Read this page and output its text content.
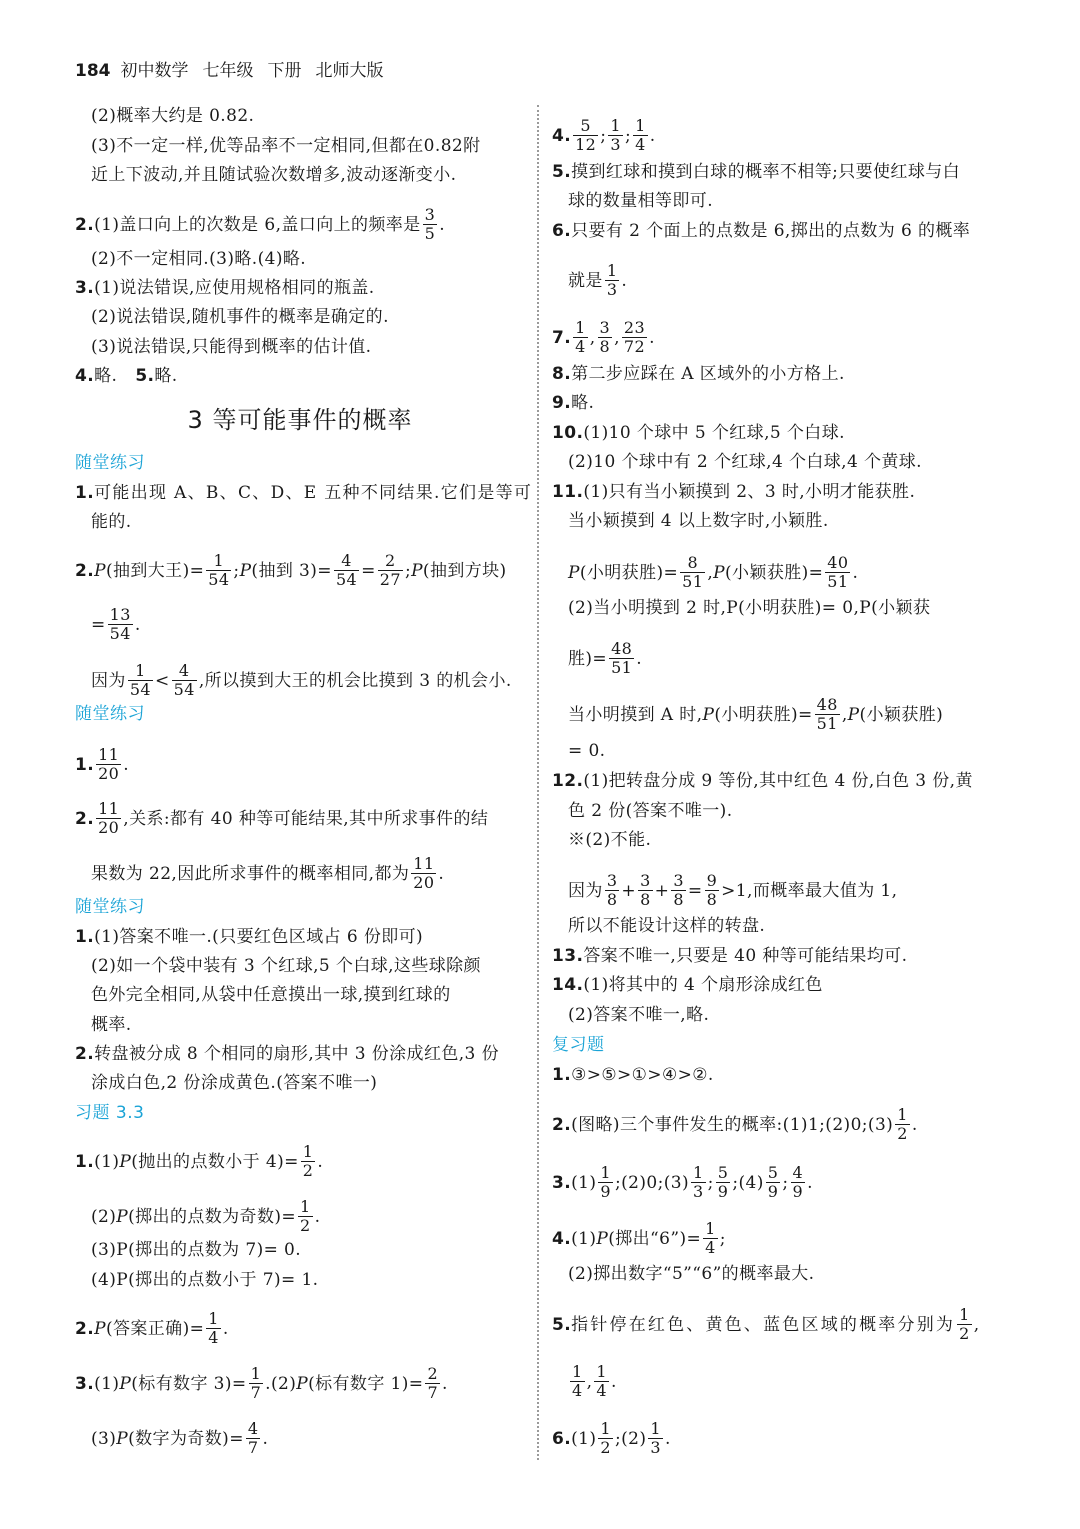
184 初中数学 七年级 下册 北师大版
(2)概率大约是 0.82.
(3)不一定一样,优等品率不一定相同,但都在0.82附
近上下波动,并且随试验次数增多,波动逐渐变小.
2. (1)盖口向上的次数是 6,盖口向上的频率是 $\frac{3}{5}$ .
(2)不一定相同.(3)略.(4)略.
3. (1)说法错误,应使用规格相同的瓶盖.
(2)说法错误,随机事件的概率是确定的.
(3)说法错误,只能得到概率的估计值.
4. 略. 5. 略.
3 等可能事件的概率
随堂练习
1. 可能出现 A、B、C、D、E 五种不同结果.它们是等可
能的.
2. P (抽到大王)= $\frac{1}{54}$ ; P (抽到 $3)= \frac{4}{54} = \frac{2}{27}$ ; P (抽到方块)
= $\frac{13}{54}$ .
因为 $\frac{1}{54} < \frac{4}{54}$ ,所以摸到大王的机会比摸到 3 的机会小.
随堂练习
1. $\frac{11}{20}$ .
2. $\frac{11}{20}$ ,关系:都有 40 种等可能结果,其中所求事件的结
果数为 22,因此所求事件的概率相同,都为 $\frac{11}{20}$ .
随堂练习
1. (1)答案不唯一.(只要红色区域占 6 份即可)
(2)如一个袋中装有 3 个红球,5 个白球,这些球除颜
色外完全相同,从袋中任意摸出一球,摸到红球的
概率.
2. 转盘被分成 8 个相同的扇形,其中 3 份涂成红色,3 份
涂成白色,2 份涂成黄色.(答案不唯一)
习题 3.3
1. (1) P (抛出的点数小于 $4)= \frac{1}{2}$ .
(2) P (掷出的点数为奇数)= $\frac{1}{2}$ .
(3)P(掷出的点数为 7)= 0.
(4)P(掷出的点数小于 7)= 1.
2. P (答案正确)= $\frac{1}{4}$ .
3. (1) P (标有数字 $3)= \frac{1}{7} .(2)$ P (标有数字 $1)= \frac{2}{7}$ .
(3) P (数字为奇数)= $\frac{4}{7}$ .
4. $\frac{5}{12}$ ; $\frac{1}{3}$ ; $\frac{1}{4}$ .
5. 摸到红球和摸到白球的概率不相等;只要使红球与白
球的数量相等即可.
6. 只要有 2 个面上的点数是 6,掷出的点数为 6 的概率
就是 $\frac{1}{3}$ .
7. $\frac{1}{4}$ , $\frac{3}{8}$ , $\frac{23}{72}$ .
8. 第二步应踩在 A 区域外的小方格上.
9. 略.
10. (1)10 个球中 5 个红球,5 个白球.
(2)10 个球中有 2 个红球,4 个白球,4 个黄球.
11. (1)只有当小颖摸到 2、3 时,小明才能获胜.
当小颖摸到 4 以上数字时,小颖胜.
P (小明获胜)= $\frac{8}{51}$ , P (小颖获胜)= $\frac{40}{51}$ .
(2)当小明摸到 2 时,P(小明获胜)= 0,P(小颖获
胜)= $\frac{48}{51}$ .
当小明摸到 A 时, P (小明获胜)= $\frac{48}{51}$ , P (小颖获胜)
= 0.
12. (1)把转盘分成 9 等份,其中红色 4 份,白色 3 份,黄
色 2 份(答案不唯一).
※(2)不能.
因为 $\frac{3}{8} + \frac{3}{8} + \frac{3}{8} = \frac{9}{8} >1$,而概率最大值为 1,
所以不能设计这样的转盘.
13. 答案不唯一,只要是 40 种等可能结果均可.
14. (1)将其中的 4 个扇形涂成红色
(2)答案不唯一,略.
复习题
1. ③>⑤>①>④>②.
2. (图略)三个事件发生的概率:(1)1;(2)0;(3) $\frac{1}{2}$ .
3. $(1) \frac{1}{9}$ ;(2)0;(3) $\frac{1}{3}$ ; $\frac{5}{9}$ ;(4) $\frac{5}{9}$ ; $\frac{4}{9}$ .
4. (1) P (掷出“6”)= $\frac{1}{4}$ ;
(2)掷出数字“5”“6”的概率最大.
5. 指针停在红色、黄色、蓝色区域的概率分别为 $\frac{1}{2}$ ,
$\frac{1}{4}$ , $\frac{1}{4}$ .
6. $(1) \frac{1}{2}$ ;(2) $\frac{1}{3}$ .
